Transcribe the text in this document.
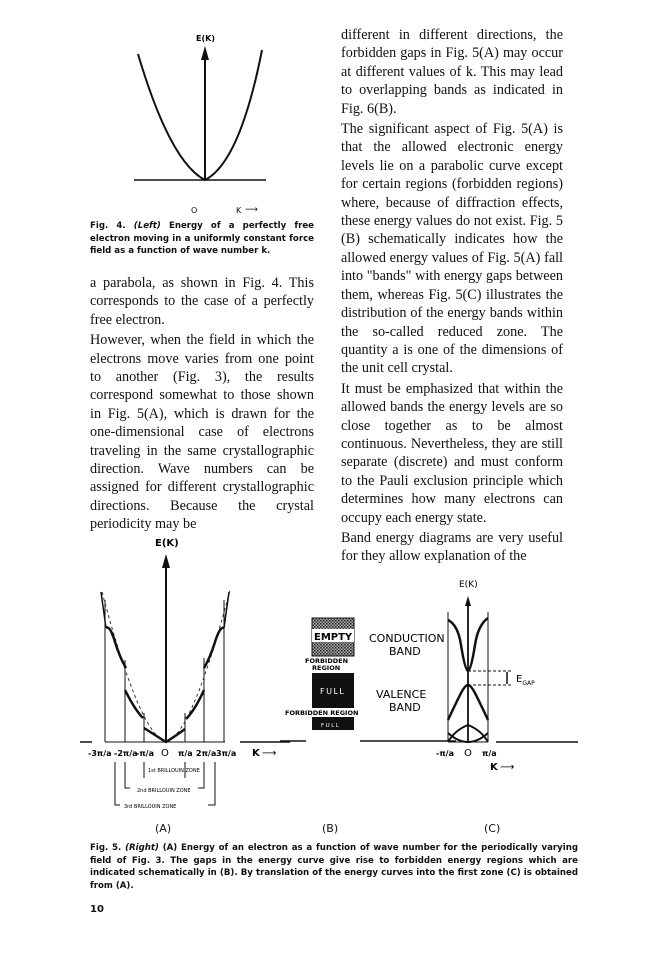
E(K)
O	K ⟶

Fig. 4. (Left) Energy of a perfectly free electron moving in a uniformly constant force field as a function of wave number k.

a parabola, as shown in Fig. 4. This corresponds to the case of a perfectly free electron.

However, when the field in which the electrons move varies from one point to another (Fig. 3), the results correspond somewhat to those shown in Fig. 5(A), which is drawn for the one-dimensional case of electrons traveling in the same crystallographic direction. Wave numbers can be assigned for different crystallographic directions. Because the crystal periodicity may be

different in different directions, the forbidden gaps in Fig. 5(A) may occur at different values of k. This may lead to overlapping bands as indicated in Fig. 6(B).

The significant aspect of Fig. 5(A) is that the allowed electronic energy levels lie on a parabolic curve except for certain regions (forbidden regions) where, because of diffraction effects, these energy values do not exist. Fig. 5 (B) schematically indicates how the allowed energy values of Fig. 5(A) fall into "bands" with energy gaps between them, whereas Fig. 5(C) illustrates the distribution of the energy bands within the so-called reduced zone. The quantity a is one of the dimensions of the unit cell crystal.

It must be emphasized that within the allowed bands the energy levels are so close together as to be almost continuous. Nevertheless, they are still separate (discrete) and must conform to the Pauli exclusion principle which determines how many electrons can occupy each energy state.

Band energy diagrams are very useful for they allow explanation of the

E(K)
-3π/a -2π/a
-π/a O π/a 2π/a 3π/a K ⟶
1st BRILLOUIN ZONE
2nd BRILLOUIN ZONE
3rd BRILLOUIN ZONE
EMPTY
FORBIDDEN
REGION
FULL
FORBIDDEN REGION
FULL
CONDUCTION
BAND
VALENCE
BAND
E(K)
$E_{GAP}$
-π/a O π/a
K ⟶
(A)	(B)	(C)

Fig. 5. (Right) (A) Energy of an electron as a function of wave number for the periodically varying field of Fig. 3. The gaps in the energy curve give rise to forbidden energy regions which are indicated schematically in (B). By translation of the energy curves into the first zone (C) is obtained from (A).

10
